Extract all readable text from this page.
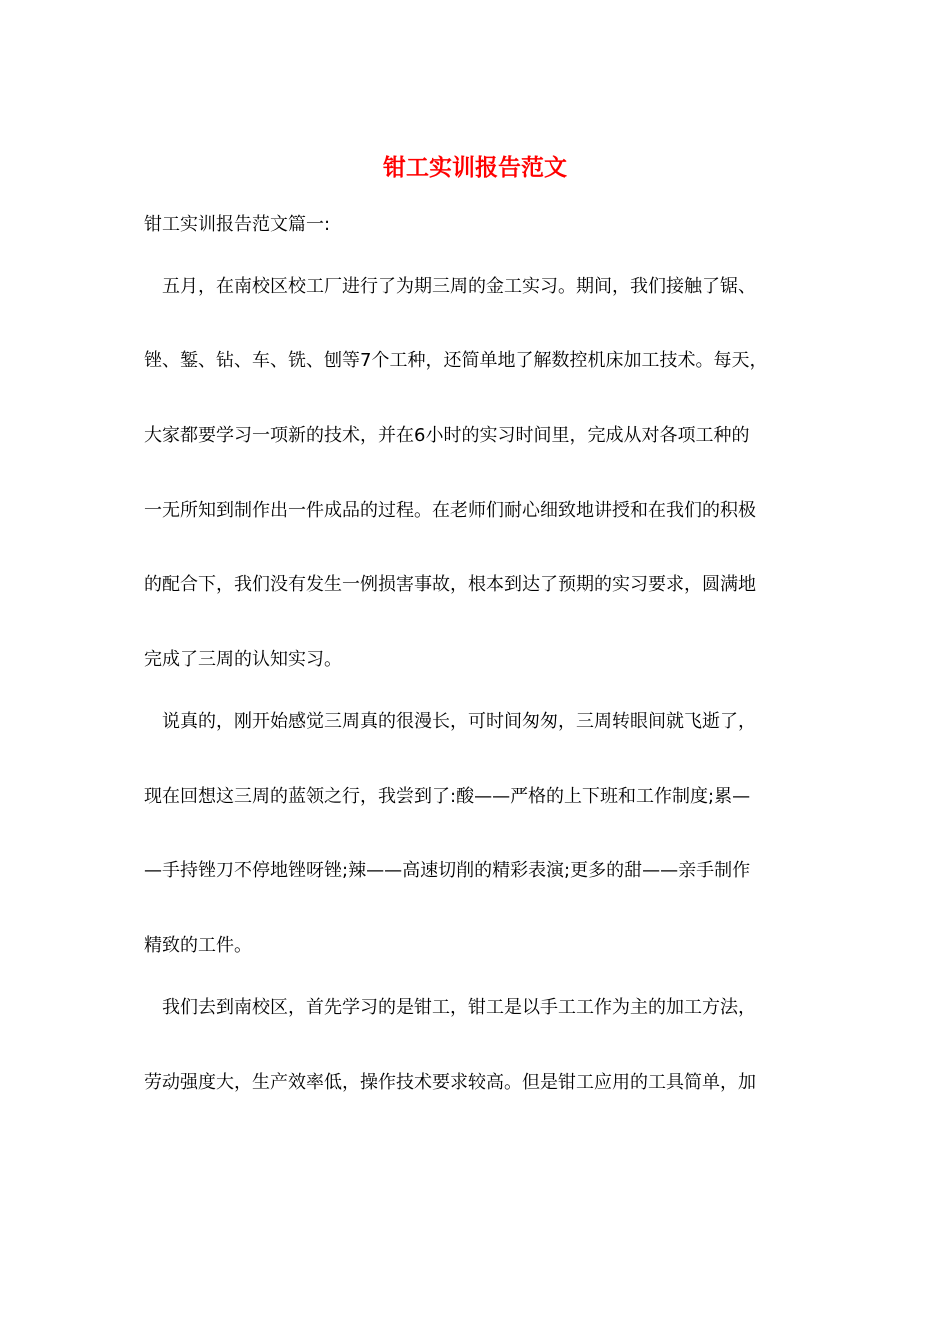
钳工实训报告范文
钳工实训报告范文篇一:
五月，在南校区校工厂进行了为期三周的金工实习。期间，我们接触了锯、
锉、錾、钻、车、铣、刨等7个工种，还简单地了解数控机床加工技术。每天，
大家都要学习一项新的技术，并在6小时的实习时间里，完成从对各项工种的
一无所知到制作出一件成品的过程。在老师们耐心细致地讲授和在我们的积极
的配合下，我们没有发生一例损害事故，根本到达了预期的实习要求，圆满地
完成了三周的认知实习。
说真的，刚开始感觉三周真的很漫长，可时间匆匆，三周转眼间就飞逝了，
现在回想这三周的蓝领之行，我尝到了:酸——严格的上下班和工作制度;累—
—手持锉刀不停地锉呀锉;辣——高速切削的精彩表演;更多的甜——亲手制作
精致的工件。
我们去到南校区，首先学习的是钳工，钳工是以手工工作为主的加工方法，
劳动强度大，生产效率低，操作技术要求较高。但是钳工应用的工具简单，加
